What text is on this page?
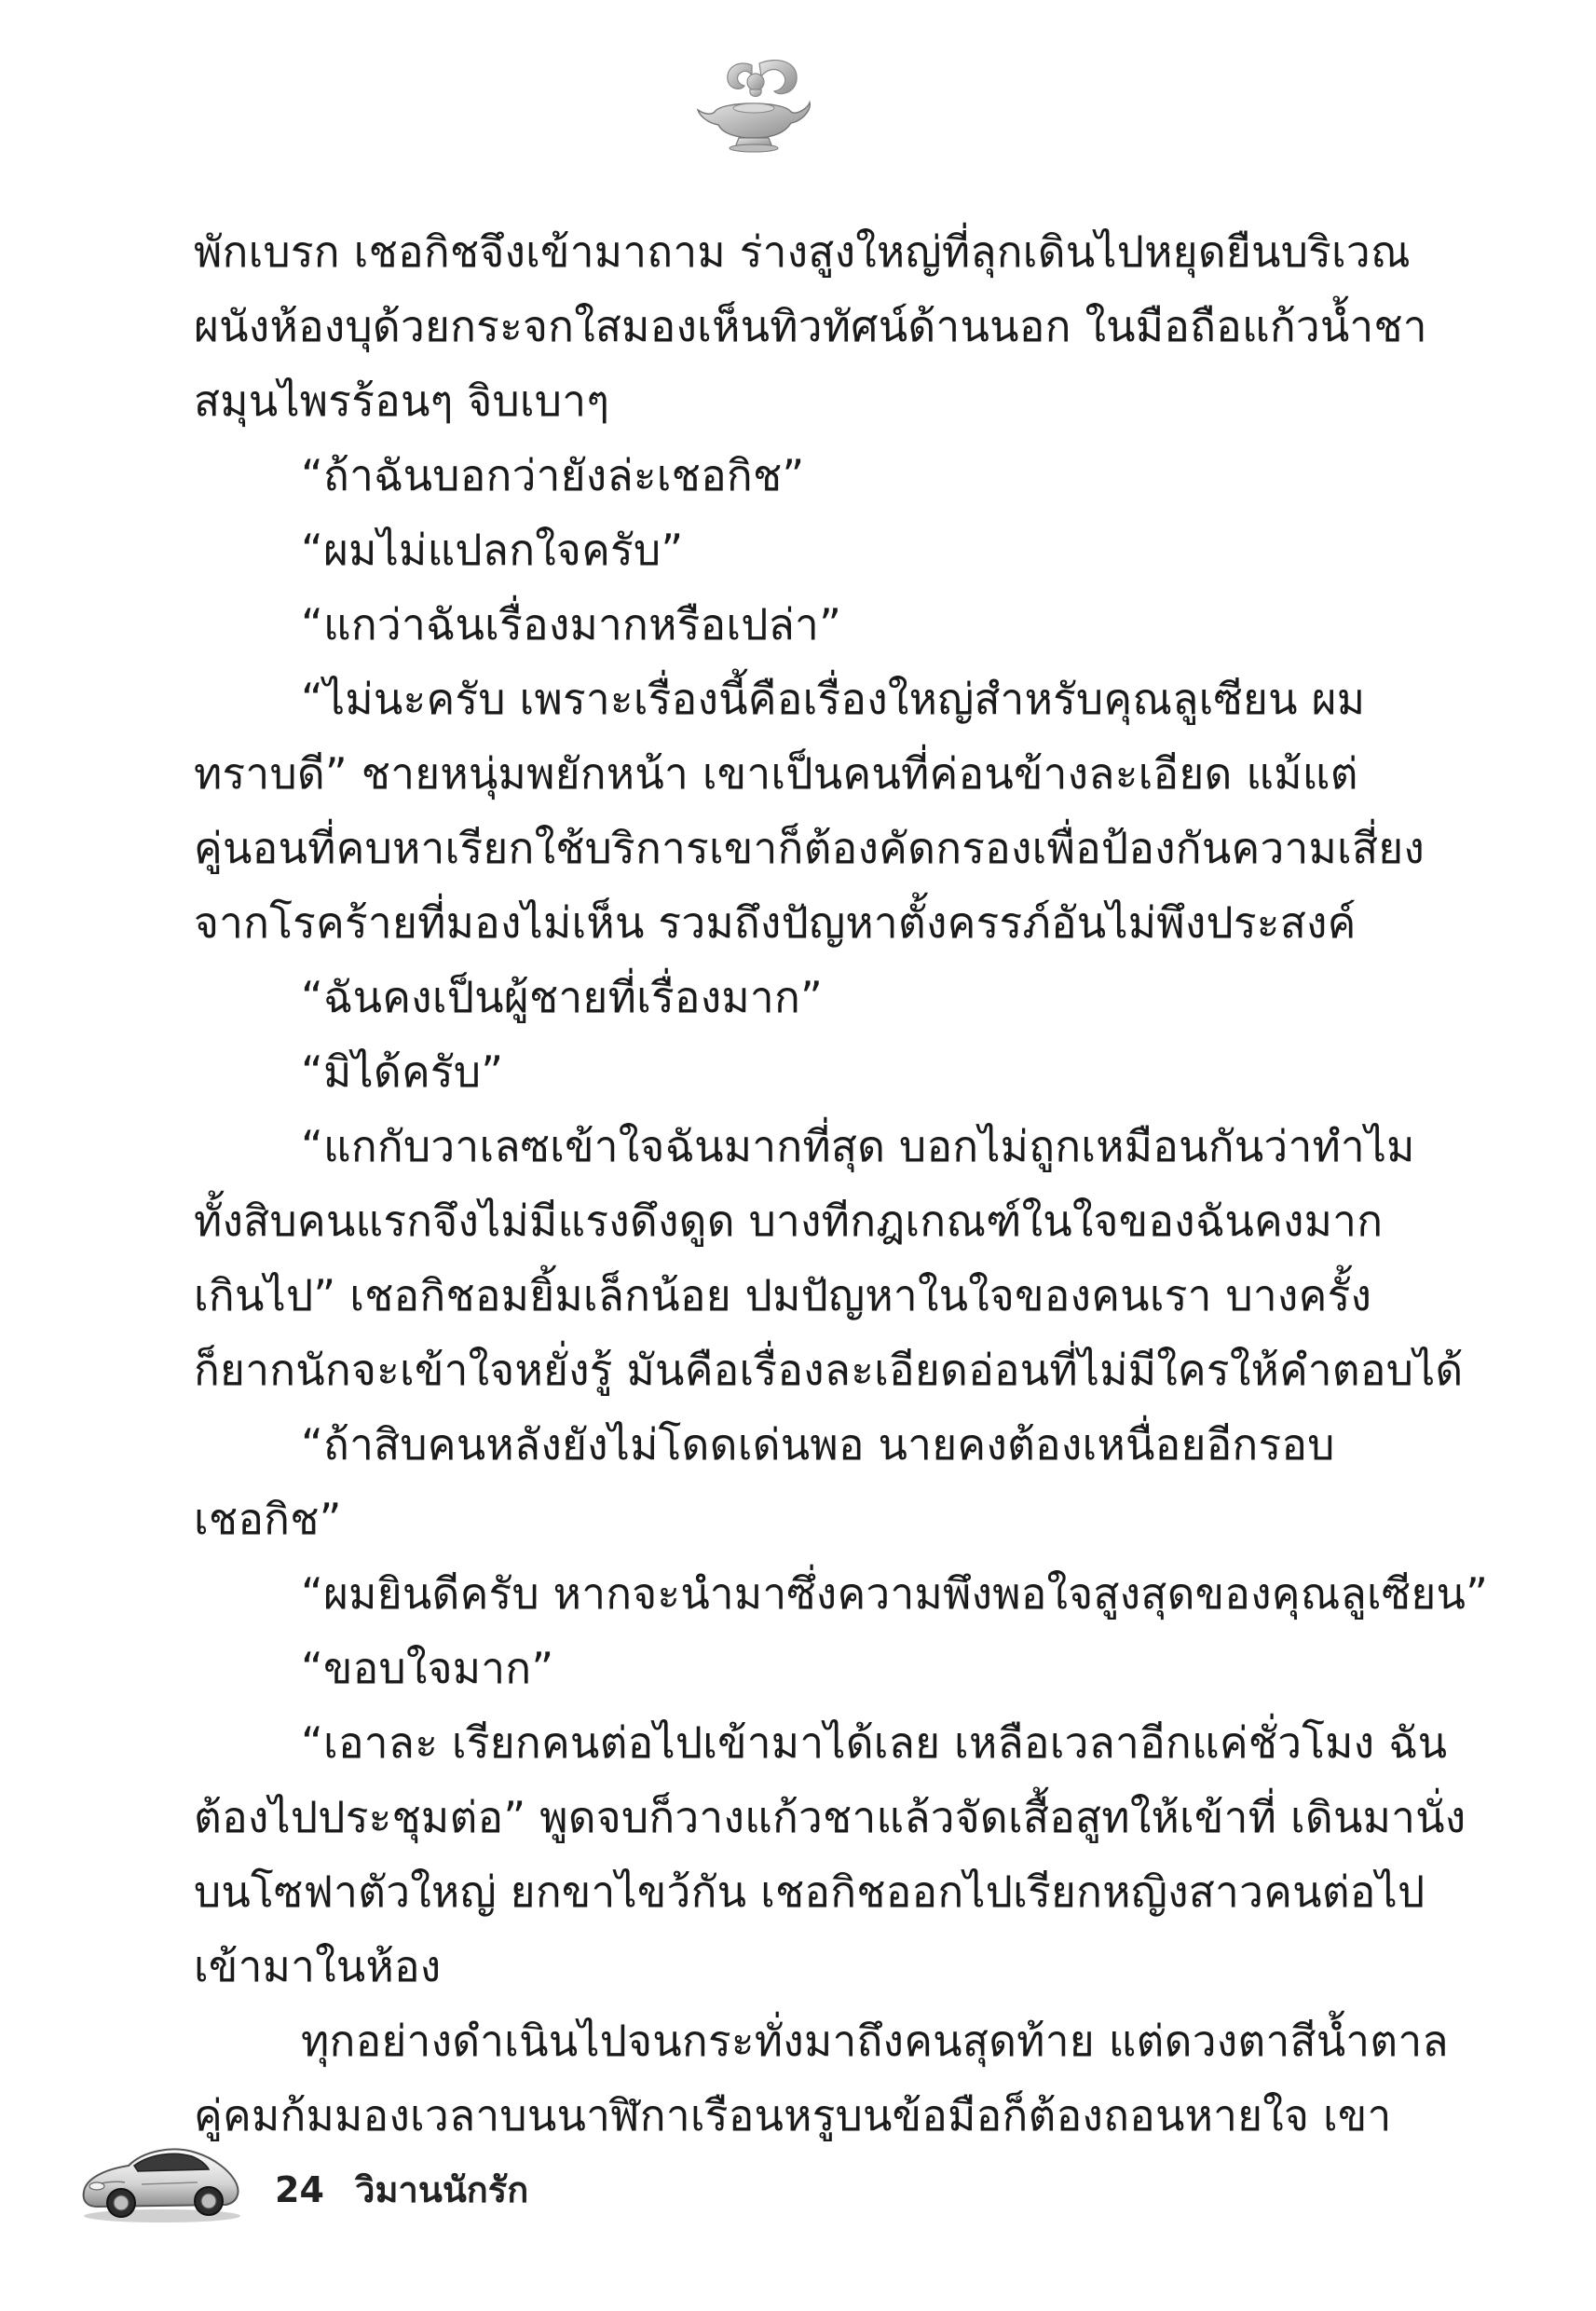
พักเบรก เชอกิชจึงเข้ามาถาม ร่างสูงใหญ่ที่ลุกเดินไปหยุดยืนบริเวณ
ผนังห้องบุด้วยกระจกใสมองเห็นทิวทัศน์ด้านนอก ในมือถือแก้วน้ำชา
สมุนไพรร้อนๆ จิบเบาๆ
“ถ้าฉันบอกว่ายังล่ะเชอกิช”
“ผมไม่แปลกใจครับ”
“แกว่าฉันเรื่องมากหรือเปล่า”
“ไม่นะครับ เพราะเรื่องนี้คือเรื่องใหญ่สำหรับคุณลูเซียน ผม
ทราบดี” ชายหนุ่มพยักหน้า เขาเป็นคนที่ค่อนข้างละเอียด แม้แต่
คู่นอนที่คบหาเรียกใช้บริการเขาก็ต้องคัดกรองเพื่อป้องกันความเสี่ยง
จากโรคร้ายที่มองไม่เห็น รวมถึงปัญหาตั้งครรภ์อันไม่พึงประสงค์
“ฉันคงเป็นผู้ชายที่เรื่องมาก”
“มิได้ครับ”
“แกกับวาเลซเข้าใจฉันมากที่สุด บอกไม่ถูกเหมือนกันว่าทำไม
ทั้งสิบคนแรกจึงไม่มีแรงดึงดูด บางทีกฎเกณฑ์ในใจของฉันคงมาก
เกินไป” เชอกิชอมยิ้มเล็กน้อย ปมปัญหาในใจของคนเรา บางครั้ง
ก็ยากนักจะเข้าใจหยั่งรู้ มันคือเรื่องละเอียดอ่อนที่ไม่มีใครให้คำตอบได้
“ถ้าสิบคนหลังยังไม่โดดเด่นพอ นายคงต้องเหนื่อยอีกรอบ
เชอกิช”
“ผมยินดีครับ หากจะนำมาซึ่งความพึงพอใจสูงสุดของคุณลูเซียน”
“ขอบใจมาก”
“เอาละ เรียกคนต่อไปเข้ามาได้เลย เหลือเวลาอีกแค่ชั่วโมง ฉัน
ต้องไปประชุมต่อ” พูดจบก็วางแก้วชาแล้วจัดเสื้อสูทให้เข้าที่ เดินมานั่ง
บนโซฟาตัวใหญ่ ยกขาไขว้กัน เชอกิชออกไปเรียกหญิงสาวคนต่อไป
เข้ามาในห้อง
ทุกอย่างดำเนินไปจนกระทั่งมาถึงคนสุดท้าย แต่ดวงตาสีน้ำตาล
คู่คมก้มมองเวลาบนนาฬิกาเรือนหรูบนข้อมือก็ต้องถอนหายใจ เขา
24 วิมานนักรัก
